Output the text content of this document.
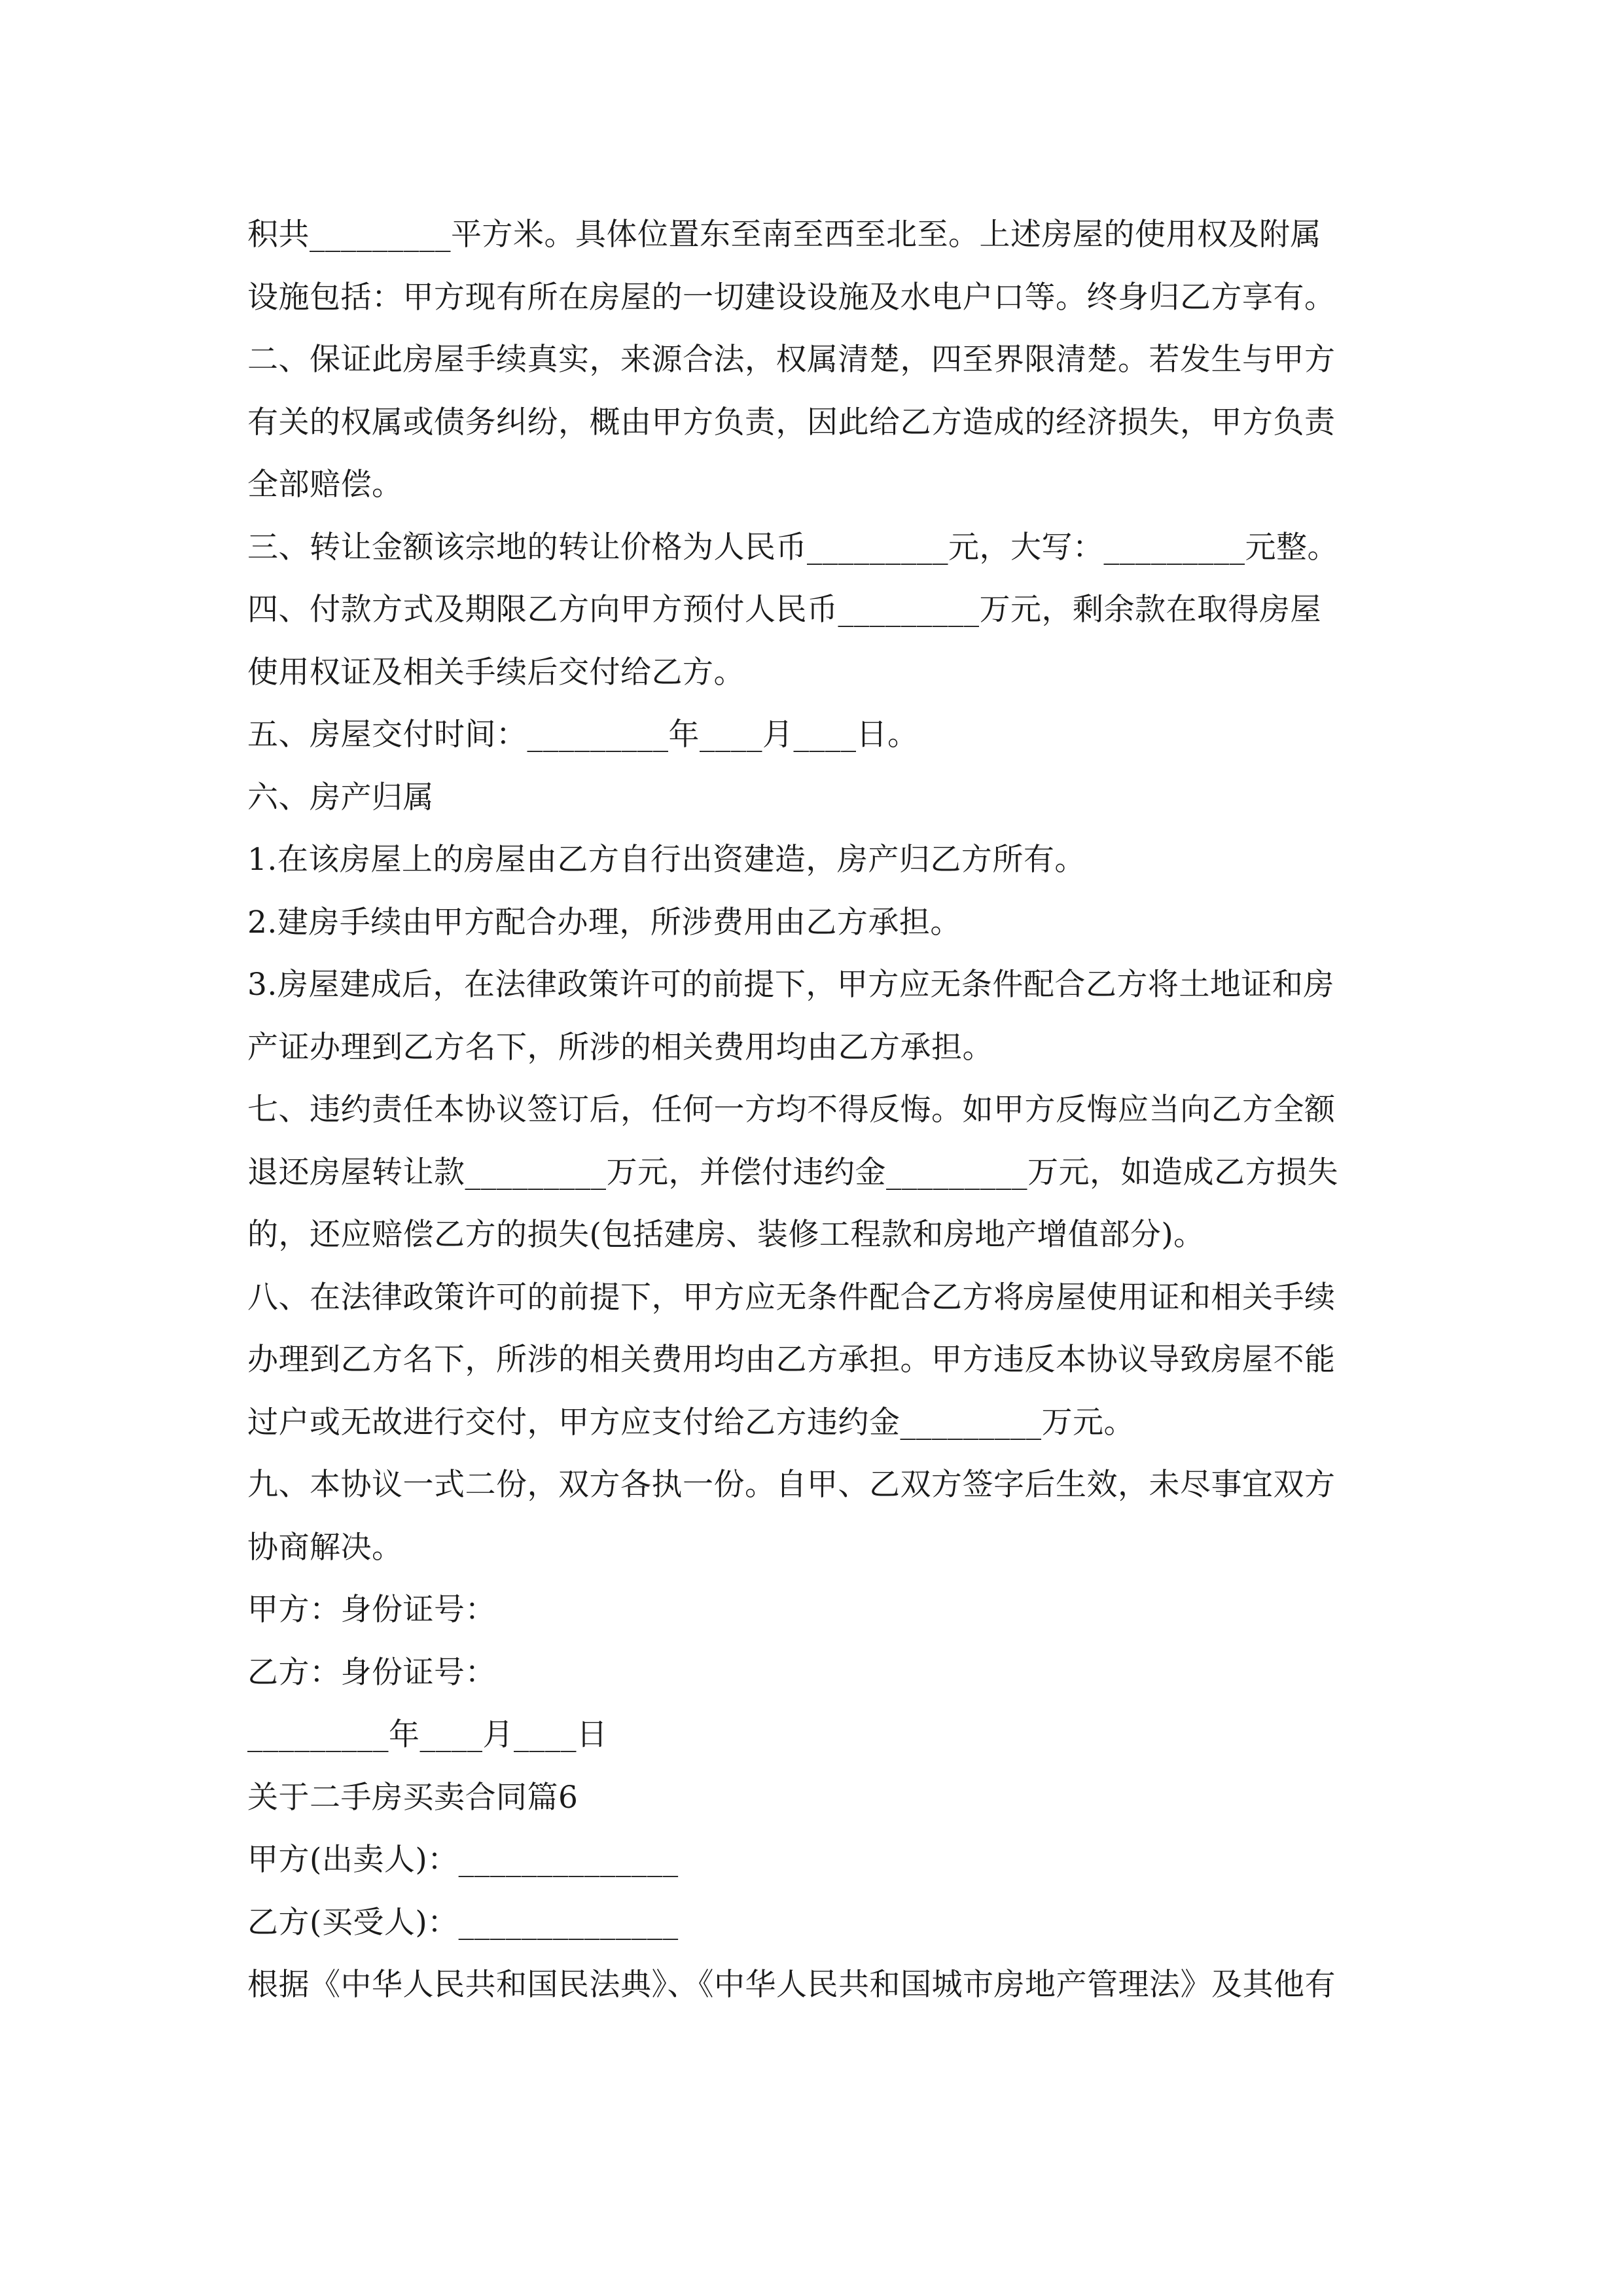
积共_________平方米。具体位置东至南至西至北至。上述房屋的使用权及附属
设施包括：甲方现有所在房屋的一切建设设施及水电户口等。终身归乙方享有。
二、保证此房屋手续真实，来源合法，权属清楚，四至界限清楚。若发生与甲方
有关的权属或债务纠纷，概由甲方负责，因此给乙方造成的经济损失，甲方负责
全部赔偿。
三、转让金额该宗地的转让价格为人民币_________元，大写：_________元整。
四、付款方式及期限乙方向甲方预付人民币_________万元，剩余款在取得房屋
使用权证及相关手续后交付给乙方。
五、房屋交付时间：_________年____月____日。
六、房产归属
1.在该房屋上的房屋由乙方自行出资建造，房产归乙方所有。
2.建房手续由甲方配合办理，所涉费用由乙方承担。
3.房屋建成后，在法律政策许可的前提下，甲方应无条件配合乙方将土地证和房
产证办理到乙方名下，所涉的相关费用均由乙方承担。
七、违约责任本协议签订后，任何一方均不得反悔。如甲方反悔应当向乙方全额
退还房屋转让款_________万元，并偿付违约金_________万元，如造成乙方损失
的，还应赔偿乙方的损失(包括建房、装修工程款和房地产增值部分)。
八、在法律政策许可的前提下，甲方应无条件配合乙方将房屋使用证和相关手续
办理到乙方名下，所涉的相关费用均由乙方承担。甲方违反本协议导致房屋不能
过户或无故进行交付，甲方应支付给乙方违约金_________万元。
九、本协议一式二份，双方各执一份。自甲、乙双方签字后生效，未尽事宜双方
协商解决。
甲方：身份证号：
乙方：身份证号：
_________年____月____日
关于二手房买卖合同篇6
甲方(出卖人)：______________
乙方(买受人)：______________
根据《中华人民共和国民法典》、《中华人民共和国城市房地产管理法》及其他有
